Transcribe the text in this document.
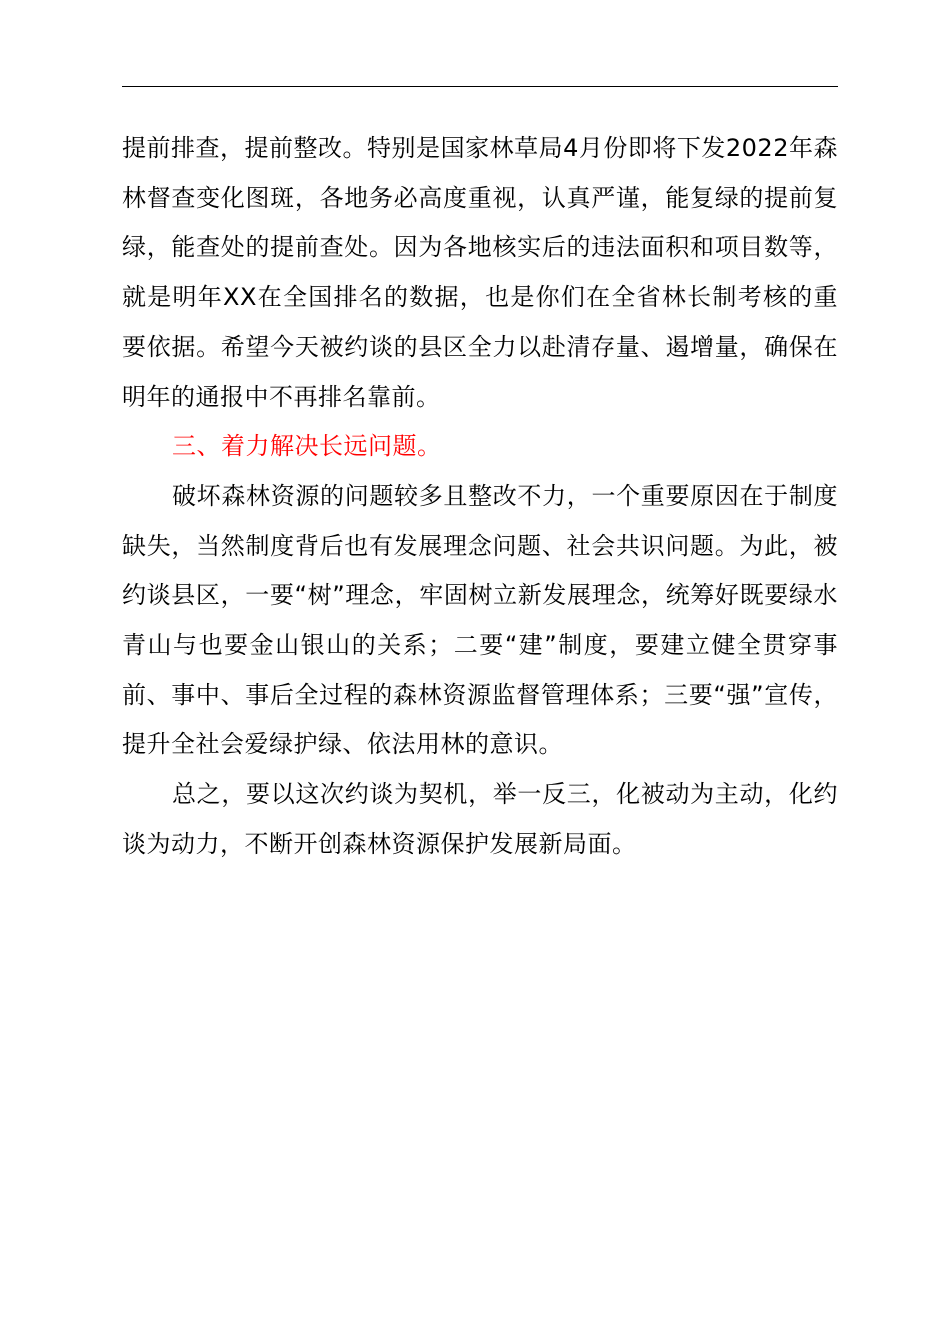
提前排查，提前整改。特别是国家林草局4月份即将下发2022年森林督查变化图斑，各地务必高度重视，认真严谨，能复绿的提前复绿，能查处的提前查处。因为各地核实后的违法面积和项目数等，就是明年XX在全国排名的数据，也是你们在全省林长制考核的重要依据。希望今天被约谈的县区全力以赴清存量、遏增量，确保在明年的通报中不再排名靠前。

三、着力解决长远问题。

破坏森林资源的问题较多且整改不力，一个重要原因在于制度缺失，当然制度背后也有发展理念问题、社会共识问题。为此，被约谈县区，一要“树”理念，牢固树立新发展理念，统筹好既要绿水青山与也要金山银山的关系；二要“建”制度，要建立健全贯穿事前、事中、事后全过程的森林资源监督管理体系；三要“强”宣传，提升全社会爱绿护绿、依法用林的意识。

总之，要以这次约谈为契机，举一反三，化被动为主动，化约谈为动力，不断开创森林资源保护发展新局面。
